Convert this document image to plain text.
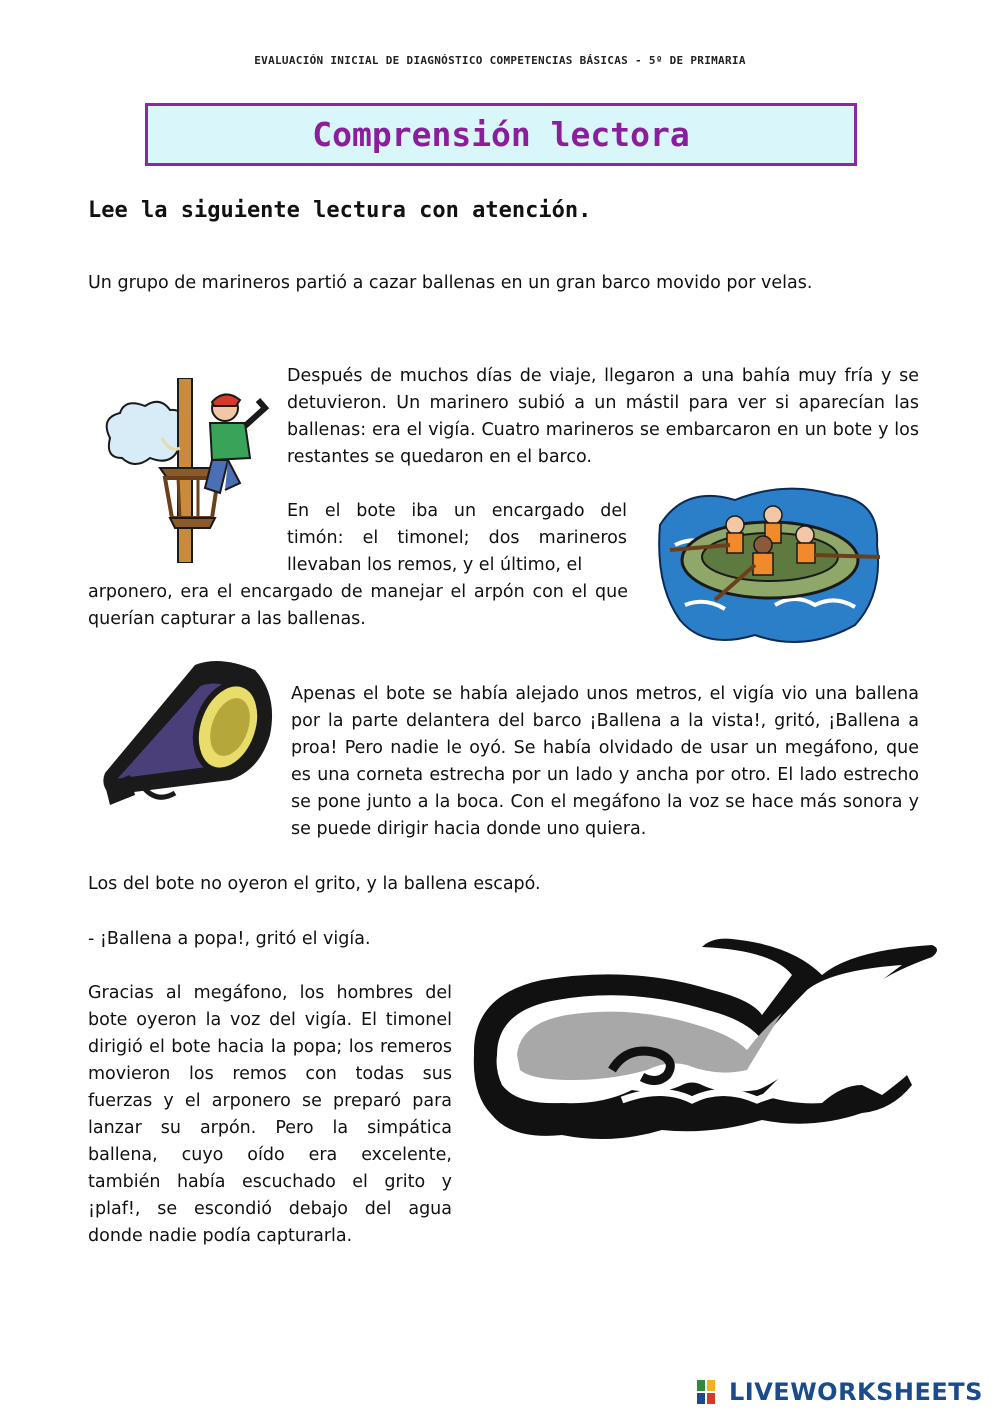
EVALUACIÓN INICIAL DE DIAGNÓSTICO COMPETENCIAS BÁSICAS - 5º DE PRIMARIA
Comprensión lectora
Lee la siguiente lectura con atención.

Un grupo de marineros partió a cazar ballenas en un gran barco movido por velas.

Después de muchos días de viaje, llegaron a una bahía muy fría y se detuvieron. Un marinero subió a un mástil para ver si aparecían las ballenas: era el vigía. Cuatro marineros se embarcaron en un bote y los restantes se quedaron en el barco.

En el bote iba un encargado del timón: el timonel; dos marineros llevaban los remos, y el último, el

arponero, era el encargado de manejar el arpón con el que querían capturar a las ballenas.

Apenas el bote se había alejado unos metros, el vigía vio una ballena por la parte delantera del barco ¡Ballena a la vista!, gritó, ¡Ballena a proa! Pero nadie le oyó. Se había olvidado de usar un megáfono, que es una corneta estrecha por un lado y ancha por otro. El lado estrecho se pone junto a la boca. Con el megáfono la voz se hace más sonora y se puede dirigir hacia donde uno quiera.

Los del bote no oyeron el grito, y la ballena escapó.

- ¡Ballena a popa!, gritó el vigía.

Gracias al megáfono, los hombres del bote oyeron la voz del vigía. El timonel dirigió el bote hacia la popa; los remeros movieron los remos con todas sus fuerzas y el arponero se preparó para lanzar su arpón. Pero la simpática ballena, cuyo oído era excelente, también había escuchado el grito y ¡plaf!, se escondió debajo del agua donde nadie podía capturarla.

LIVEWORKSHEETS
